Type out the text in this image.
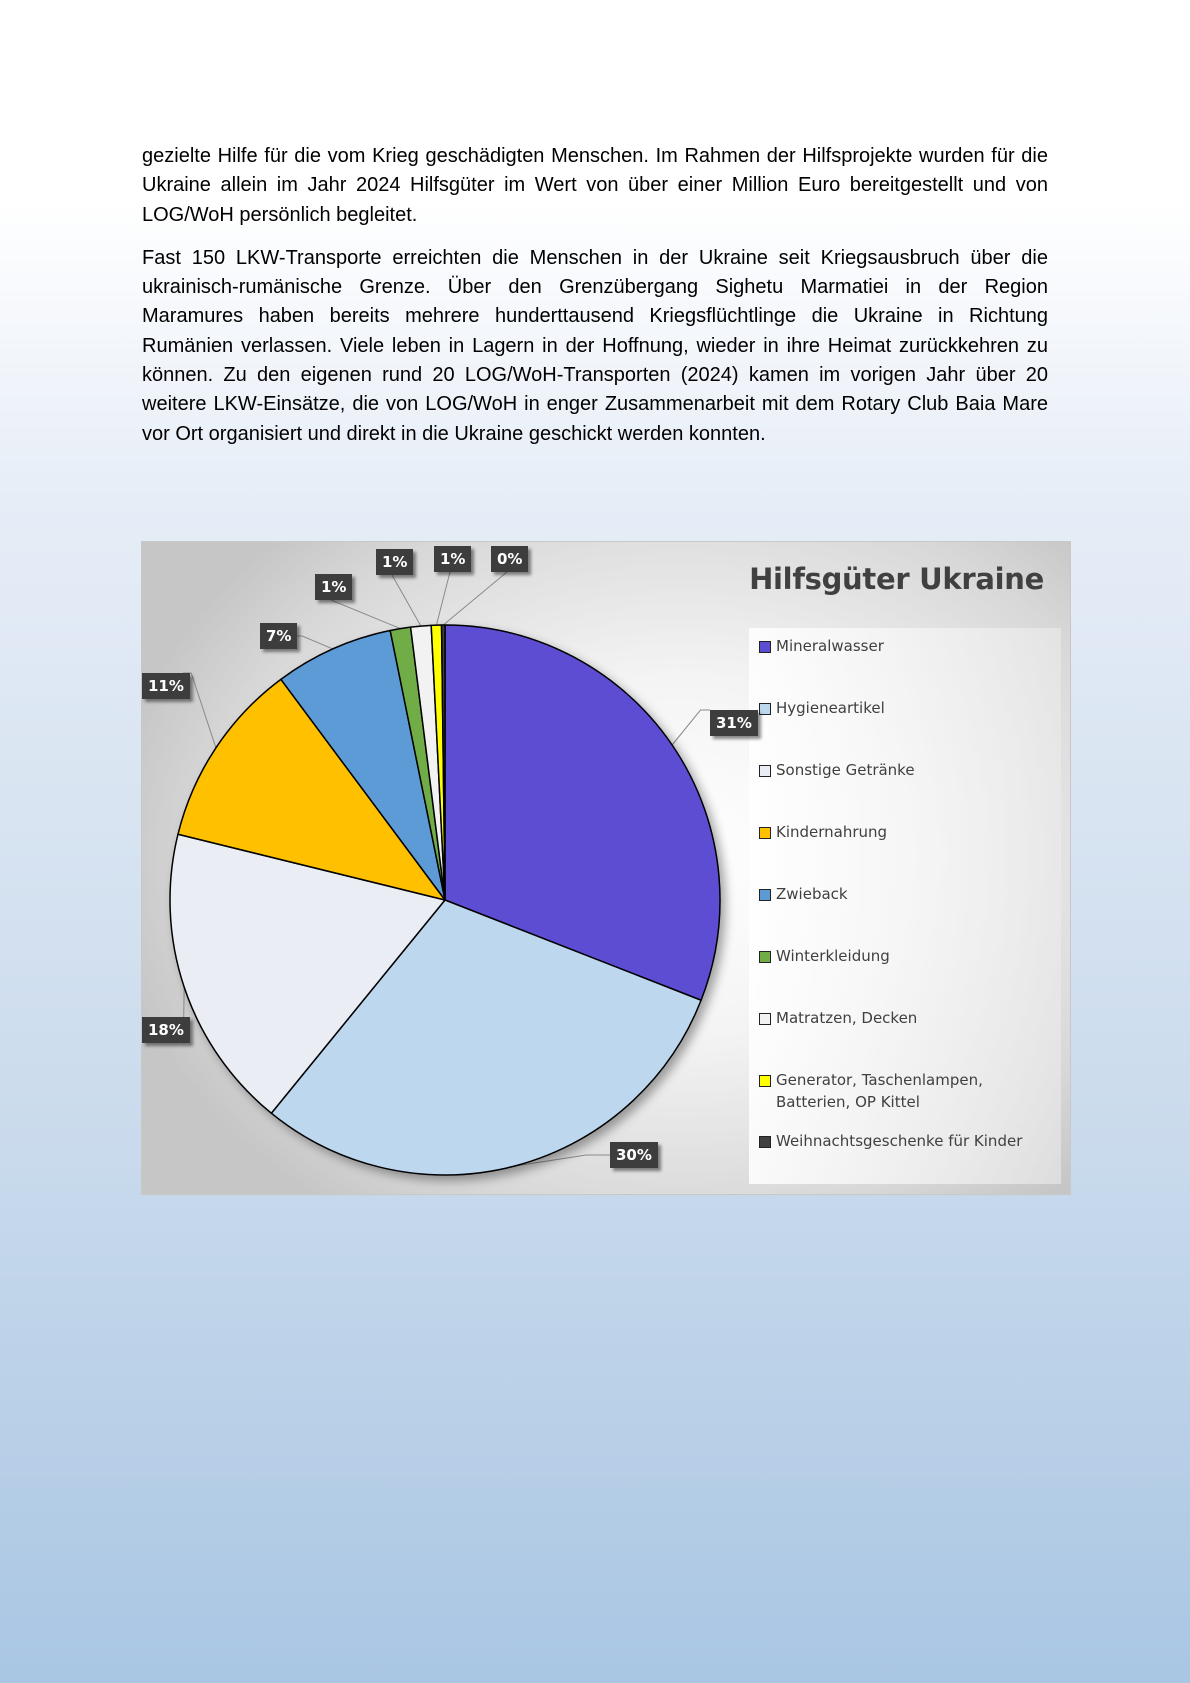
gezielte Hilfe für die vom Krieg geschädigten Menschen. Im Rahmen der Hilfsprojekte wurden für die Ukraine allein im Jahr 2024 Hilfsgüter im Wert von über einer Million Euro bereitgestellt und von LOG/WoH persönlich begleitet.

Fast 150 LKW-Transporte erreichten die Menschen in der Ukraine seit Kriegsausbruch über die ukrainisch-rumänische Grenze. Über den Grenzübergang Sighetu Marmatiei in der Region Maramures haben bereits mehrere hunderttausend Kriegsflüchtlinge die Ukraine in Richtung Rumänien verlassen. Viele leben in Lagern in der Hoffnung, wieder in ihre Heimat zurückkehren zu können. Zu den eigenen rund 20 LOG/WoH-Transporten (2024) kamen im vorigen Jahr über 20 weitere LKW-Einsätze, die von LOG/WoH in enger Zusammenarbeit mit dem Rotary Club Baia Mare vor Ort organisiert und direkt in die Ukraine geschickt werden konnten.

Hilfsgüter Ukraine
Mineralwasser
Hygieneartikel
Sonstige Getränke
Kindernahrung
Zwieback
Winterkleidung
Matratzen, Decken
Generator, Taschenlampen, Batterien, OP Kittel
Weihnachtsgeschenke für Kinder
31%
30%
18%
11%
7%
1%
1%	1%	0%
